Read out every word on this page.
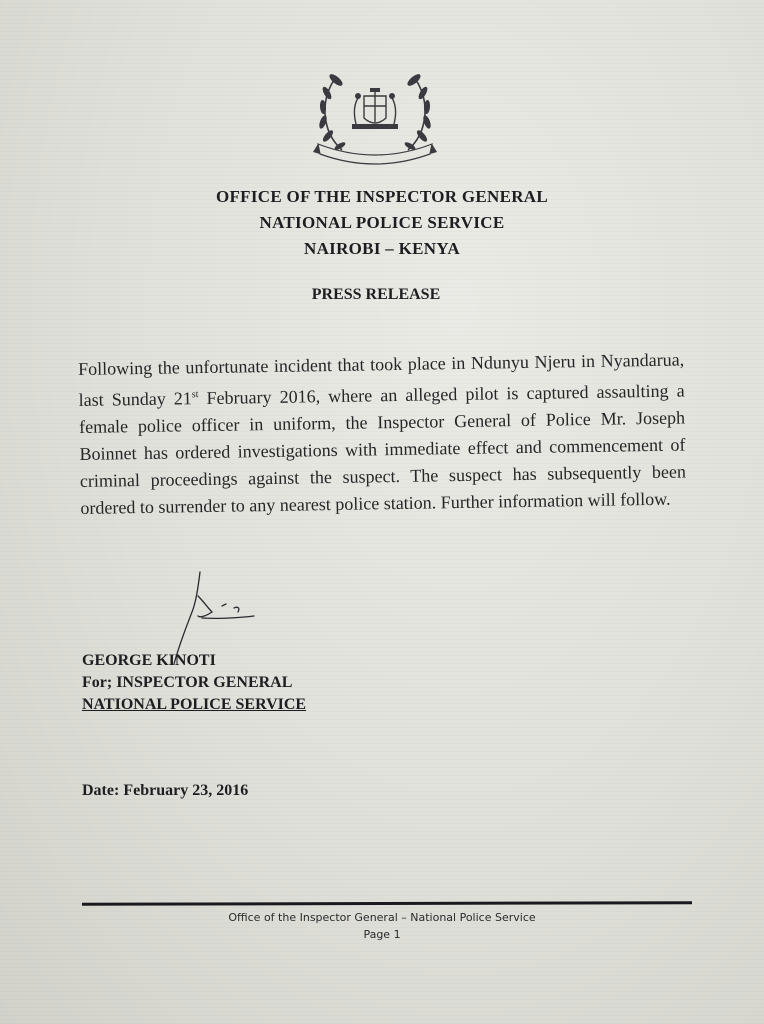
OFFICE OF THE INSPECTOR GENERAL
NATIONAL POLICE SERVICE
NAIROBI – KENYA
PRESS RELEASE

Following the unfortunate incident that took place in Ndunyu Njeru in Nyandarua, last Sunday 21st February 2016, where an alleged pilot is captured assaulting a female police officer in uniform, the Inspector General of Police Mr. Joseph Boinnet has ordered investigations with immediate effect and commencement of criminal proceedings against the suspect. The suspect has subsequently been ordered to surrender to any nearest police station. Further information will follow.

GEORGE KINOTI
For; INSPECTOR GENERAL
NATIONAL POLICE SERVICE
Date: February 23, 2016
Office of the Inspector General – National Police Service
Page 1
